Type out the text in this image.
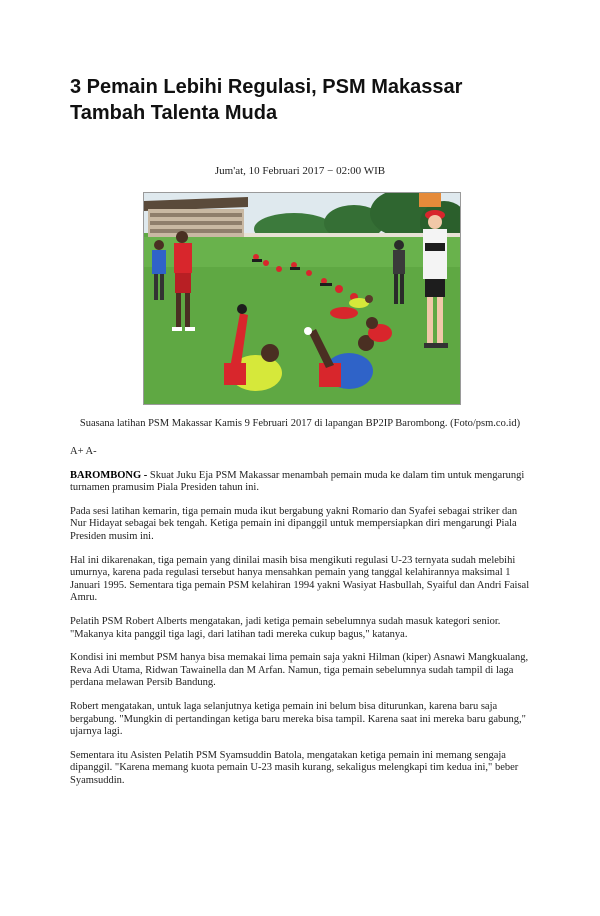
3 Pemain Lebihi Regulasi, PSM Makassar Tambah Talenta Muda
Jum'at, 10 Februari 2017 − 02:00 WIB
Suasana latihan PSM Makassar Kamis 9 Februari 2017 di lapangan BP2IP Barombong. (Foto/psm.co.id)

A+ A-

BAROMBONG - Skuat Juku Eja PSM Makassar menambah pemain muda ke dalam tim untuk mengarungi turnamen pramusim Piala Presiden tahun ini.

Pada sesi latihan kemarin, tiga pemain muda ikut bergabung yakni Romario dan Syafei sebagai striker dan Nur Hidayat sebagai bek tengah. Ketiga pemain ini dipanggil untuk mempersiapkan diri mengarungi Piala Presiden musim ini.

Hal ini dikarenakan, tiga pemain yang dinilai masih bisa mengikuti regulasi U-23 ternyata sudah melebihi umurnya, karena pada regulasi tersebut hanya mensahkan pemain yang tanggal kelahirannya maksimal 1 Januari 1995. Sementara tiga pemain PSM kelahiran 1994 yakni Wasiyat Hasbullah, Syaiful dan Andri Faisal Amru.

Pelatih PSM Robert Alberts mengatakan, jadi ketiga pemain sebelumnya sudah masuk kategori senior. "Makanya kita panggil tiga lagi, dari latihan tadi mereka cukup bagus," katanya.

Kondisi ini membut PSM hanya bisa memakai lima pemain saja yakni Hilman (kiper) Asnawi Mangkualang, Reva Adi Utama, Ridwan Tawainella dan M Arfan. Namun, tiga pemain sebelumnya sudah tampil di laga perdana melawan Persib Bandung.

Robert mengatakan, untuk laga selanjutnya ketiga pemain ini belum bisa diturunkan, karena baru saja bergabung. "Mungkin di pertandingan ketiga baru mereka bisa tampil. Karena saat ini mereka baru gabung," ujarnya lagi.

Sementara itu Asisten Pelatih PSM Syamsuddin Batola, mengatakan ketiga pemain ini memang sengaja dipanggil. "Karena memang kuota pemain U-23 masih kurang, sekaligus melengkapi tim kedua ini," beber Syamsuddin.
